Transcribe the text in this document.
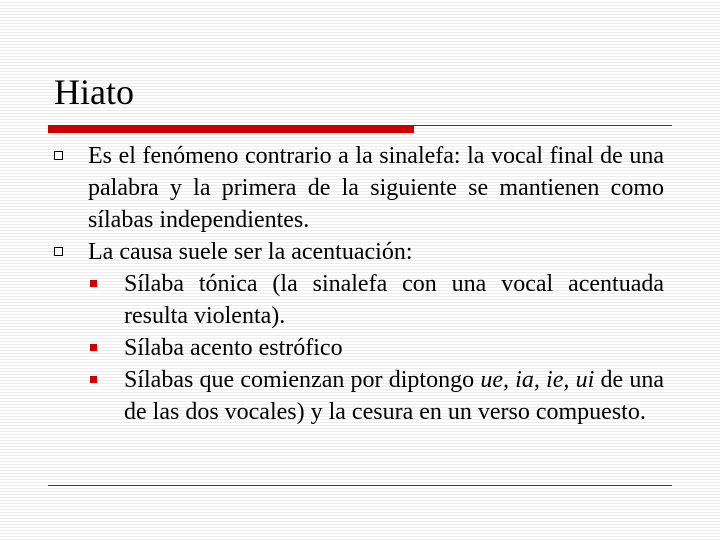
Hiato
Es el fenómeno contrario a la sinalefa: la vocal final de una palabra y la primera de la siguiente se mantienen como sílabas independientes.
La causa suele ser la acentuación:
Sílaba tónica (la sinalefa con una vocal acentuada resulta violenta).
Sílaba acento estrófico
Sílabas que comienzan por diptongo ue, ia, ie, ui de una de las dos vocales) y la cesura en un verso compuesto.
